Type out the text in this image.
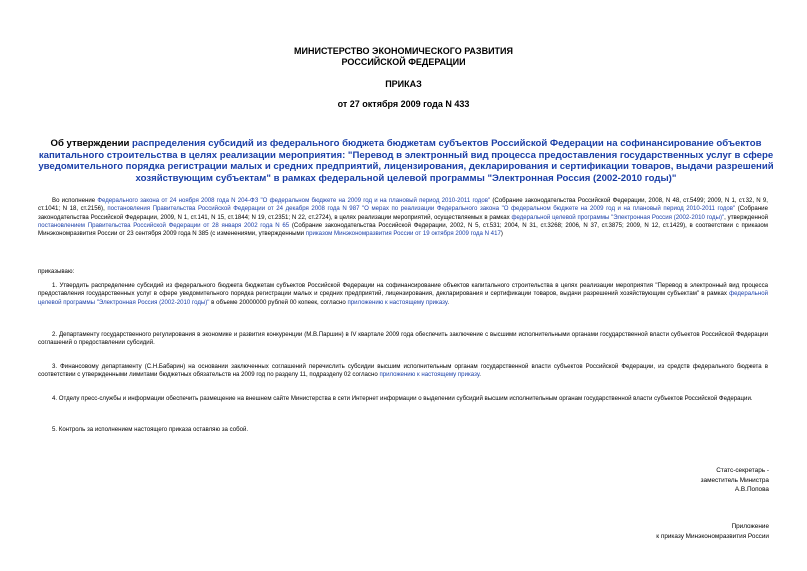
МИНИСТЕРСТВО ЭКОНОМИЧЕСКОГО РАЗВИТИЯ
РОССИЙСКОЙ ФЕДЕРАЦИИ
ПРИКАЗ
от 27 октября 2009 года N 433
Об утверждении распределения субсидий из федерального бюджета бюджетам субъектов Российской Федерации на софинансирование объектов капитального строительства в целях реализации мероприятия: "Перевод в электронный вид процесса предоставления государственных услуг в сфере уведомительного порядка регистрации малых и средних предприятий, лицензирования, декларирования и сертификации товаров, выдачи разрешений хозяйствующим субъектам" в рамках федеральной целевой программы "Электронная Россия (2002-2010 годы)"
Во исполнение Федерального закона от 24 ноября 2008 года N 204-ФЗ "О федеральном бюджете на 2009 год и на плановый период 2010-2011 годов" (Собрание законодательства Российской Федерации, 2008, N 48, ст.5499; 2009, N 1, ст.32, N 9, ст.1041; N 18, ст.2156), постановления Правительства Российской Федерации от 24 декабря 2008 года N 987 "О мерах по реализации Федерального закона "О федеральном бюджете на 2009 год и на плановый период 2010-2011 годов" (Собрание законодательства Российской Федерации, 2009, N 1, ст.141, N 15, ст.1844; N 19, ст.2351; N 22, ст.2724), в целях реализации мероприятий, осуществляемых в рамках федеральной целевой программы "Электронная Россия (2002-2010 годы)", утвержденной постановлением Правительства Российской Федерации от 28 января 2002 года N 65 (Собрание законодательства Российской Федерации, 2002, N 5, ст.531; 2004, N 31, ст.3268; 2006, N 37, ст.3875; 2009, N 12, ст.1429), в соответствии с приказом Минэкономразвития России от 23 сентября 2009 года N 385 (с изменениями, утвержденными приказом Минэкономразвития России от 19 октября 2009 года N 417)
приказываю:
1. Утвердить распределение субсидий из федерального бюджета бюджетам субъектов Российской Федерации на софинансирование объектов капитального строительства в целях реализации мероприятия "Перевод в электронный вид процесса предоставления государственных услуг в сфере уведомительного порядка регистрации малых и средних предприятий, лицензирования, декларирования и сертификации товаров, выдачи разрешений хозяйствующим субъектам" в рамках федеральной целевой программы "Электронная Россия (2002-2010 годы)" в объеме 20000000 рублей 00 копеек, согласно приложению к настоящему приказу.
2. Департаменту государственного регулирования в экономике и развития конкуренции (М.В.Паршин) в IV квартале 2009 года обеспечить заключение с высшими исполнительными органами государственной власти субъектов Российской Федерации соглашений о предоставлении субсидий.
3. Финансовому департаменту (С.Н.Бабарин) на основании заключенных соглашений перечислить субсидии высшим исполнительным органам государственной власти субъектов Российской Федерации, из средств федерального бюджета в соответствии с утвержденными лимитами бюджетных обязательств на 2009 год по разделу 11, подразделу 02 согласно приложению к настоящему приказу.
4. Отделу пресс-службы и информации обеспечить размещение на внешнем сайте Министерства в сети Интернет информации о выделении субсидий высшим исполнительным органам государственной власти субъектов Российской Федерации.
5. Контроль за исполнением настоящего приказа оставляю за собой.
Статс-секретарь -
заместитель Министра
А.В.Попова
Приложение
к приказу Минэкономразвития России
